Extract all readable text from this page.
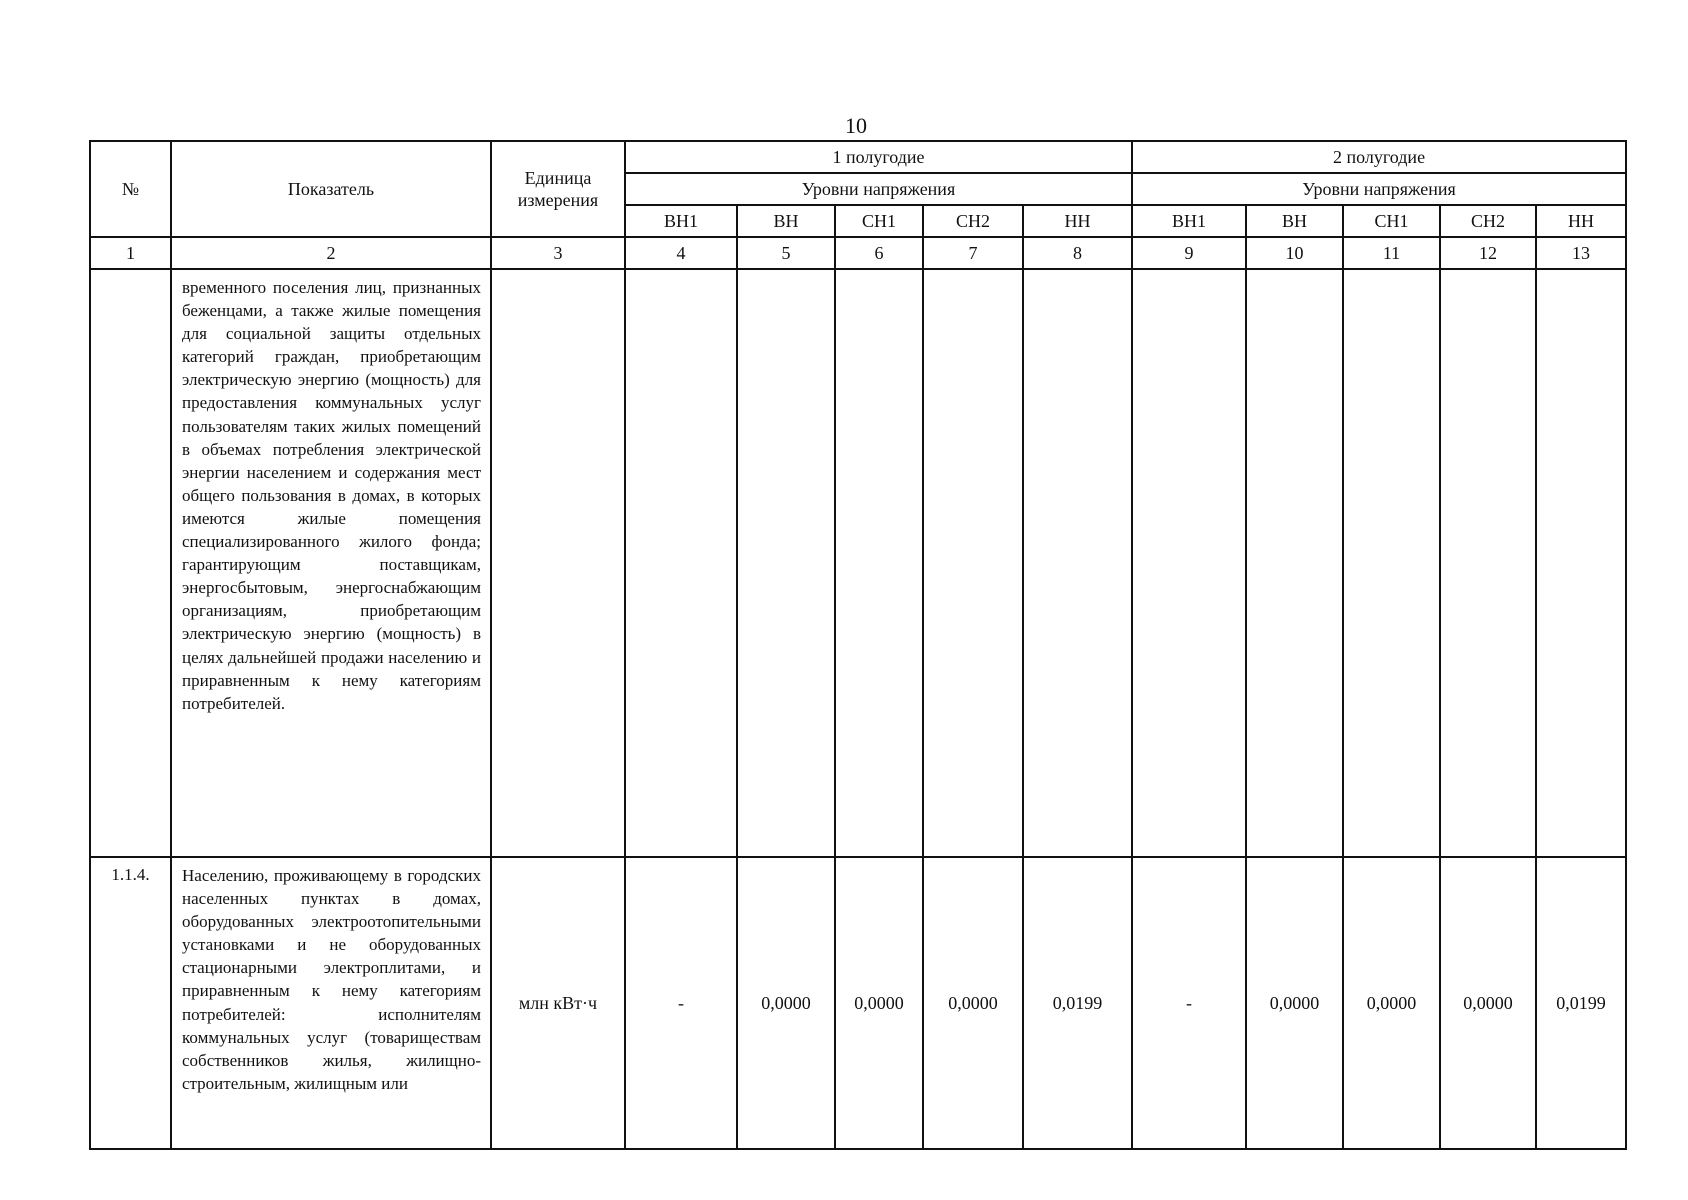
10
№	Показатель	Единица измерения	1 полугодие					2 полугодие				
			Уровни напряжения					Уровни напряжения				
			ВН1	ВН	СН1	СН2	НН	ВН1	ВН	СН1	СН2	НН
1	2	3	4	5	6	7	8	9	10	11	12	13
	временного поселения лиц, признанных беженцами, а также жилые помещения для социальной защиты отдельных категорий граждан, приобретающим электрическую энергию (мощность) для предоставления коммунальных услуг пользователям таких жилых помещений в объемах потребления электрической энергии населением и содержания мест общего пользования в домах, в которых имеются жилые помещения специализированного жилого фонда; гарантирующим поставщикам, энергосбытовым, энергоснабжающим организациям, приобретающим электрическую энергию (мощность) в целях дальнейшей продажи населению и приравненным к нему категориям потребителей.											
1.1.4.	Населению, проживающему в городских населенных пунктах в домах, оборудованных электроотопительными установками и не оборудованных стационарными электроплитами, и приравненным к нему категориям потребителей: исполнителям коммунальных услуг (товариществам собственников жилья, жилищно-строительным, жилищным или	млн кВт·ч	-	0,0000	0,0000	0,0000	0,0199	-	0,0000	0,0000	0,0000	0,0199
